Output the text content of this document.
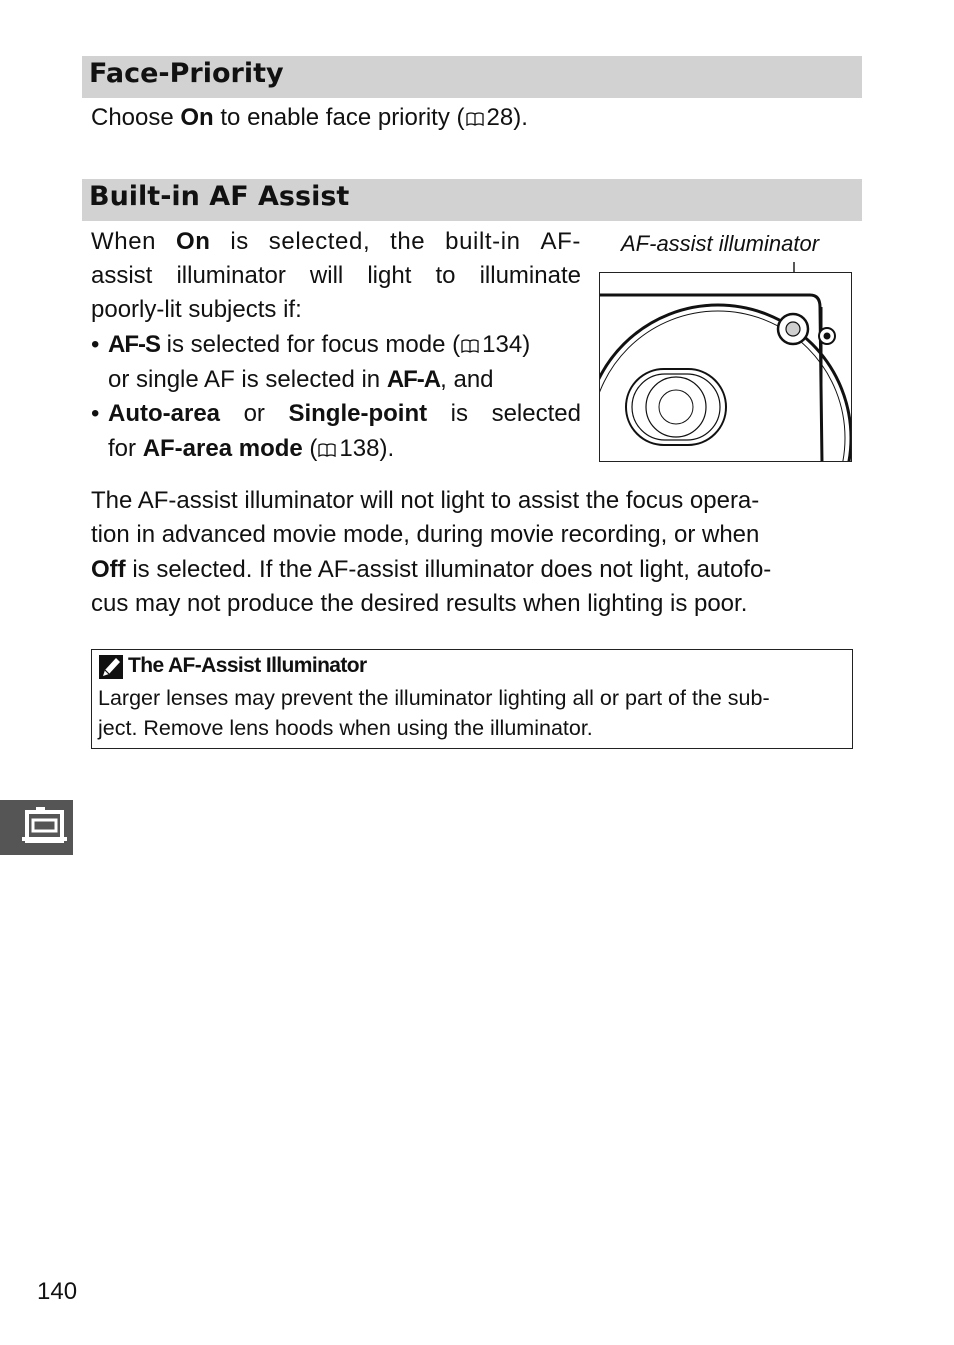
Face-Priority
Choose On to enable face priority ( 28).
Built-in AF Assist
When On is selected, the built-in AF-
assist illuminator will light to illuminate
poorly-lit subjects if:
• AF-S is selected for focus mode ( 134)
or single AF is selected in AF-A, and
• Auto-area or Single-point is selected
for AF-area mode ( 138).
AF-assist illuminator
The AF-assist illuminator will not light to assist the focus opera-
tion in advanced movie mode, during movie recording, or when
Off is selected. If the AF-assist illuminator does not light, autofo-
cus may not produce the desired results when lighting is poor.
The AF-Assist Illuminator
Larger lenses may prevent the illuminator lighting all or part of the sub-
ject. Remove lens hoods when using the illuminator.
140
